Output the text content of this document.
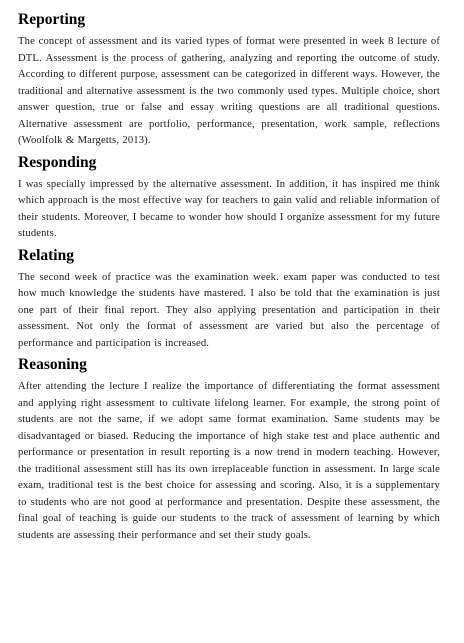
Reporting

The concept of assessment and its varied types of format were presented in week 8 lecture of DTL. Assessment is the process of gathering, analyzing and reporting the outcome of study. According to different purpose, assessment can be categorized in different ways. However, the traditional and alternative assessment is the two commonly used types. Multiple choice, short answer question, true or false and essay writing questions are all traditional questions. Alternative assessment are portfolio, performance, presentation, work sample, reflections (Woolfolk & Margetts, 2013).

Responding

I was specially impressed by the alternative assessment. In addition, it has inspired me think which approach is the most effective way for teachers to gain valid and reliable information of their students. Moreover, I became to wonder how should I organize assessment for my future students.

Relating

The second week of practice was the examination week. exam paper was conducted to test how much knowledge the students have mastered. I also be told that the examination is just one part of their final report. They also applying presentation and participation in their assessment. Not only the format of assessment are varied but also the percentage of performance and participation is increased.

Reasoning

After attending the lecture I realize the importance of differentiating the format assessment and applying right assessment to cultivate lifelong learner. For example, the strong point of students are not the same, if we adopt same format examination. Same students may be disadvantaged or biased. Reducing the importance of high stake test and place authentic and performance or presentation in result reporting is a now trend in modern teaching. However, the traditional assessment still has its own irreplaceable function in assessment. In large scale exam, traditional test is the best choice for assessing and scoring. Also, it is a supplementary to students who are not good at performance and presentation. Despite these assessment, the final goal of teaching is guide our students to the track of assessment of learning by which students are assessing their performance and set their study goals.
